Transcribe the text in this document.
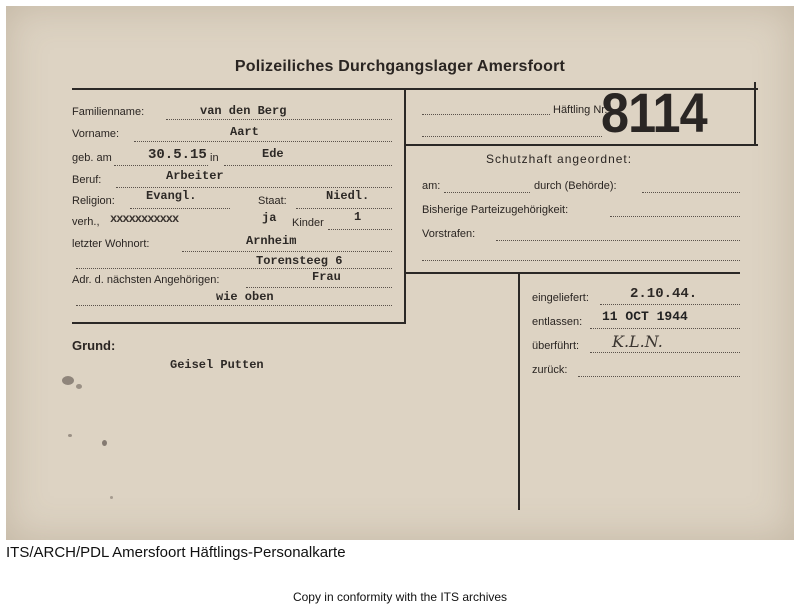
Polizeiliches Durchgangslager Amersfoort
Häftling Nr.
8114
Familienname:	van den Berg
Vorname:	Aart
geb. am	30.5.15 in	Ede
Beruf:	Arbeiter
Religion:	Evangl.	Staat:	Niedl.
verh., xxxxxxxxxxx	ja Kinder	1
letzter Wohnort:	Arnheim
Torensteeg 6
Adr. d. nächsten Angehörigen:	Frau
wie oben
Grund:
Geisel Putten
Schutzhaft angeordnet:
am:	durch (Behörde):
Bisherige Parteizugehörigkeit:
Vorstrafen:
eingeliefert:	2.10.44.
entlassen: 11 OCT 1944
überführt: K.L.N.
zurück:
ITS/ARCH/PDL Amersfoort Häftlings-Personalkarte
Copy in conformity with the ITS archives
